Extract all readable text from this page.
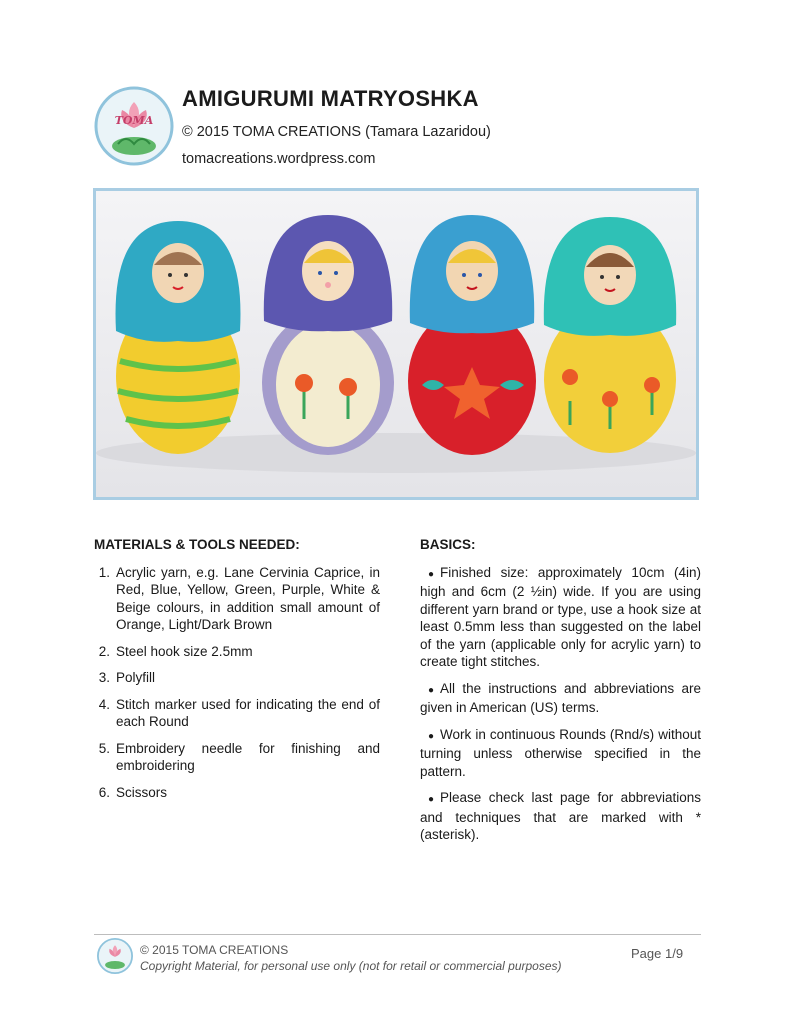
TOMA
AMIGURUMI MATRYOSHKA
© 2015 TOMA CREATIONS (Tamara Lazaridou)
tomacreations.wordpress.com
MATERIALS & TOOLS NEEDED:
1. Acrylic yarn, e.g. Lane Cervinia Caprice, in Red, Blue, Yellow, Green, Purple, White & Beige colours, in addition small amount of Orange, Light/Dark Brown
2. Steel hook size 2.5mm
3. Polyfill
4. Stitch marker used for indicating the end of each Round
5. Embroidery needle for finishing and embroidering
6. Scissors
BASICS:

● Finished size: approximately 10cm (4in) high and 6cm (2 ½in) wide. If you are using different yarn brand or type, use a hook size at least 0.5mm less than suggested on the label of the yarn (applicable only for acrylic yarn) to create tight stitches.

● All the instructions and abbreviations are given in American (US) terms.

● Work in continuous Rounds (Rnd/s) without turning unless otherwise specified in the pattern.

● Please check last page for abbreviations and techniques that are marked with *(asterisk).

© 2015 TOMA CREATIONS
Copyright Material, for personal use only (not for retail or commercial purposes)
Page 1/9
